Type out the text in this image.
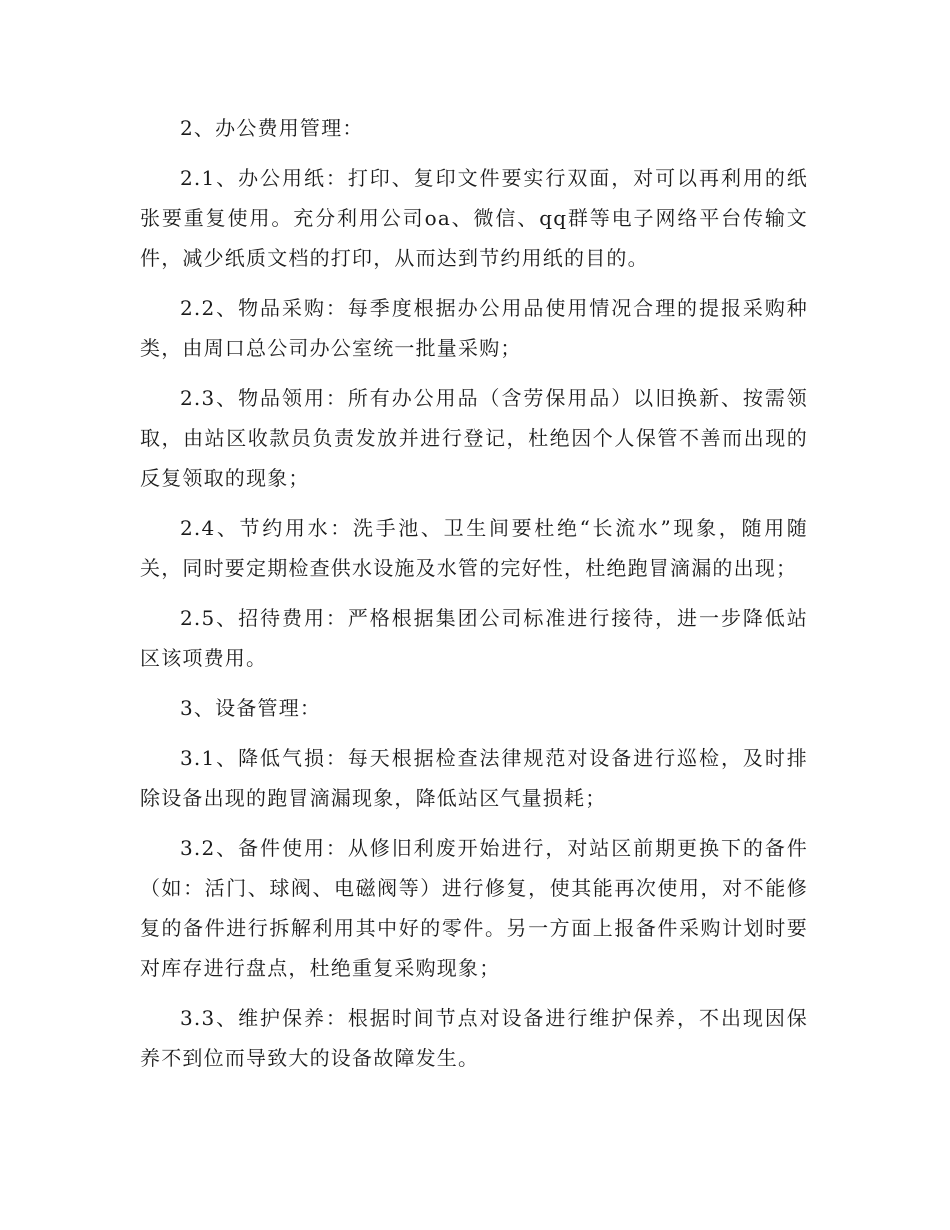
2、办公费用管理：

2.1、办公用纸：打印、复印文件要实行双面，对可以再利用的纸张要重复使用。充分利用公司oa、微信、qq群等电子网络平台传输文件，减少纸质文档的打印，从而达到节约用纸的目的。

2.2、物品采购：每季度根据办公用品使用情况合理的提报采购种类，由周口总公司办公室统一批量采购；

2.3、物品领用：所有办公用品（含劳保用品）以旧换新、按需领取，由站区收款员负责发放并进行登记，杜绝因个人保管不善而出现的反复领取的现象；

2.4、节约用水：洗手池、卫生间要杜绝“长流水”现象，随用随关，同时要定期检查供水设施及水管的完好性，杜绝跑冒滴漏的出现；

2.5、招待费用：严格根据集团公司标准进行接待，进一步降低站区该项费用。

3、设备管理：

3.1、降低气损：每天根据检查法律规范对设备进行巡检，及时排除设备出现的跑冒滴漏现象，降低站区气量损耗；

3.2、备件使用：从修旧利废开始进行，对站区前期更换下的备件（如：活门、球阀、电磁阀等）进行修复，使其能再次使用，对不能修复的备件进行拆解利用其中好的零件。另一方面上报备件采购计划时要对库存进行盘点，杜绝重复采购现象；

3.3、维护保养：根据时间节点对设备进行维护保养，不出现因保养不到位而导致大的设备故障发生。
